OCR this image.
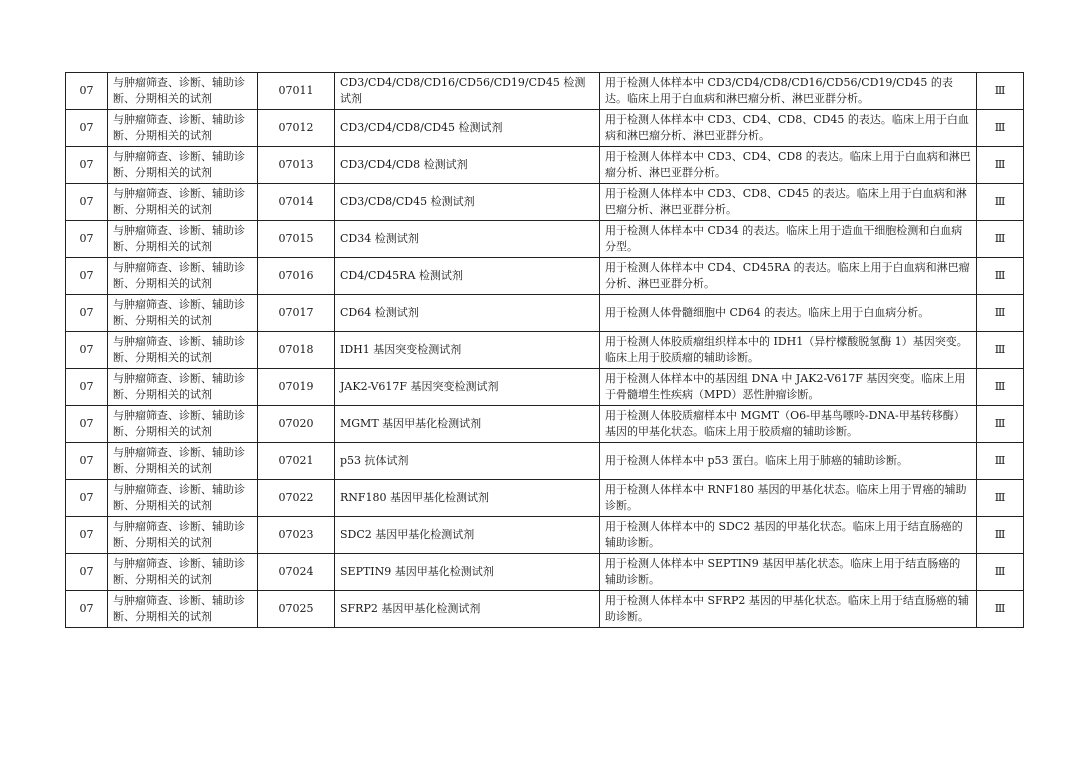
07	与肿瘤筛查、诊断、辅助诊断、分期相关的试剂	07011	CD3/CD4/CD8/CD16/CD56/CD19/CD45 检测试剂	用于检测人体样本中 CD3/CD4/CD8/CD16/CD56/CD19/CD45 的表达。临床上用于白血病和淋巴瘤分析、淋巴亚群分析。	Ⅲ
07	与肿瘤筛查、诊断、辅助诊断、分期相关的试剂	07012	CD3/CD4/CD8/CD45 检测试剂	用于检测人体样本中 CD3、CD4、CD8、CD45 的表达。临床上用于白血病和淋巴瘤分析、淋巴亚群分析。	Ⅲ
07	与肿瘤筛查、诊断、辅助诊断、分期相关的试剂	07013	CD3/CD4/CD8 检测试剂	用于检测人体样本中 CD3、CD4、CD8 的表达。临床上用于白血病和淋巴瘤分析、淋巴亚群分析。	Ⅲ
07	与肿瘤筛查、诊断、辅助诊断、分期相关的试剂	07014	CD3/CD8/CD45 检测试剂	用于检测人体样本中 CD3、CD8、CD45 的表达。临床上用于白血病和淋巴瘤分析、淋巴亚群分析。	Ⅲ
07	与肿瘤筛查、诊断、辅助诊断、分期相关的试剂	07015	CD34 检测试剂	用于检测人体样本中 CD34 的表达。临床上用于造血干细胞检测和白血病分型。	Ⅲ
07	与肿瘤筛查、诊断、辅助诊断、分期相关的试剂	07016	CD4/CD45RA 检测试剂	用于检测人体样本中 CD4、CD45RA 的表达。临床上用于白血病和淋巴瘤分析、淋巴亚群分析。	Ⅲ
07	与肿瘤筛查、诊断、辅助诊断、分期相关的试剂	07017	CD64 检测试剂	用于检测人体骨髓细胞中 CD64 的表达。临床上用于白血病分析。	Ⅲ
07	与肿瘤筛查、诊断、辅助诊断、分期相关的试剂	07018	IDH1 基因突变检测试剂	用于检测人体胶质瘤组织样本中的 IDH1（异柠檬酸脱氢酶 1）基因突变。临床上用于胶质瘤的辅助诊断。	Ⅲ
07	与肿瘤筛查、诊断、辅助诊断、分期相关的试剂	07019	JAK2-V617F 基因突变检测试剂	用于检测人体样本中的基因组 DNA 中 JAK2-V617F 基因突变。临床上用于骨髓增生性疾病（MPD）恶性肿瘤诊断。	Ⅲ
07	与肿瘤筛查、诊断、辅助诊断、分期相关的试剂	07020	MGMT 基因甲基化检测试剂	用于检测人体胶质瘤样本中 MGMT（O6-甲基鸟嘌呤-DNA-甲基转移酶）基因的甲基化状态。临床上用于胶质瘤的辅助诊断。	Ⅲ
07	与肿瘤筛查、诊断、辅助诊断、分期相关的试剂	07021	p53 抗体试剂	用于检测人体样本中 p53 蛋白。临床上用于肺癌的辅助诊断。	Ⅲ
07	与肿瘤筛查、诊断、辅助诊断、分期相关的试剂	07022	RNF180 基因甲基化检测试剂	用于检测人体样本中 RNF180 基因的甲基化状态。临床上用于胃癌的辅助诊断。	Ⅲ
07	与肿瘤筛查、诊断、辅助诊断、分期相关的试剂	07023	SDC2 基因甲基化检测试剂	用于检测人体样本中的 SDC2 基因的甲基化状态。临床上用于结直肠癌的辅助诊断。	Ⅲ
07	与肿瘤筛查、诊断、辅助诊断、分期相关的试剂	07024	SEPTIN9 基因甲基化检测试剂	用于检测人体样本中 SEPTIN9 基因甲基化状态。临床上用于结直肠癌的辅助诊断。	Ⅲ
07	与肿瘤筛查、诊断、辅助诊断、分期相关的试剂	07025	SFRP2 基因甲基化检测试剂	用于检测人体样本中 SFRP2 基因的甲基化状态。临床上用于结直肠癌的辅助诊断。	Ⅲ
